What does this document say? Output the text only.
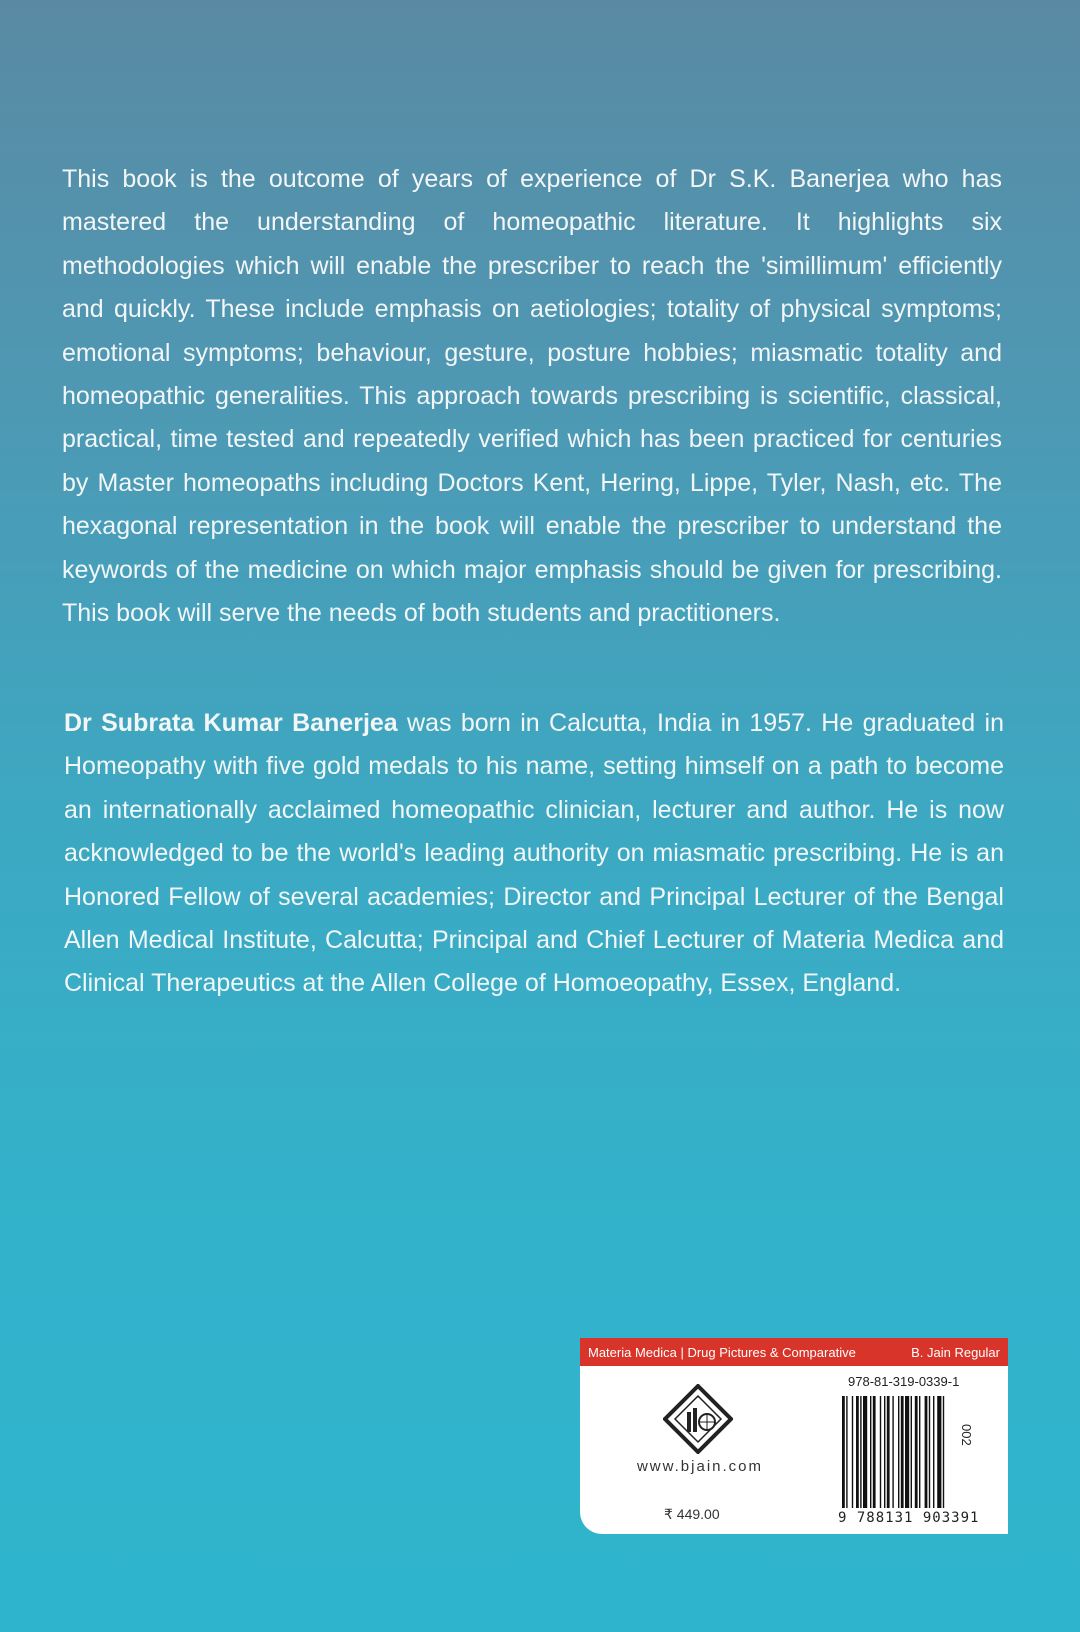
This book is the outcome of years of experience of Dr S.K. Banerjea who has mastered the understanding of homeopathic literature. It highlights six methodologies which will enable the prescriber to reach the 'simillimum' efficiently and quickly. These include emphasis on aetiologies; totality of physical symptoms; emotional symptoms; behaviour, gesture, posture hobbies; miasmatic totality and homeopathic generalities. This approach towards prescribing is scientific, classical, practical, time tested and repeatedly verified which has been practiced for centuries by Master homeopaths including Doctors Kent, Hering, Lippe, Tyler, Nash, etc. The hexagonal representation in the book will enable the prescriber to understand the keywords of the medicine on which major emphasis should be given for prescribing. This book will serve the needs of both students and practitioners.

Dr Subrata Kumar Banerjea was born in Calcutta, India in 1957. He graduated in Homeopathy with five gold medals to his name, setting himself on a path to become an internationally acclaimed homeopathic clinician, lecturer and author. He is now acknowledged to be the world's leading authority on miasmatic prescribing. He is an Honored Fellow of several academies; Director and Principal Lecturer of the Bengal Allen Medical Institute, Calcutta; Principal and Chief Lecturer of Materia Medica and Clinical Therapeutics at the Allen College of Homoeopathy, Essex, England.

Materia Medica | Drug Pictures & Comparative	B. Jain Regular
www.bjain.com
₹ 449.00
978-81-319-0339-1
9 788131 903391
002
